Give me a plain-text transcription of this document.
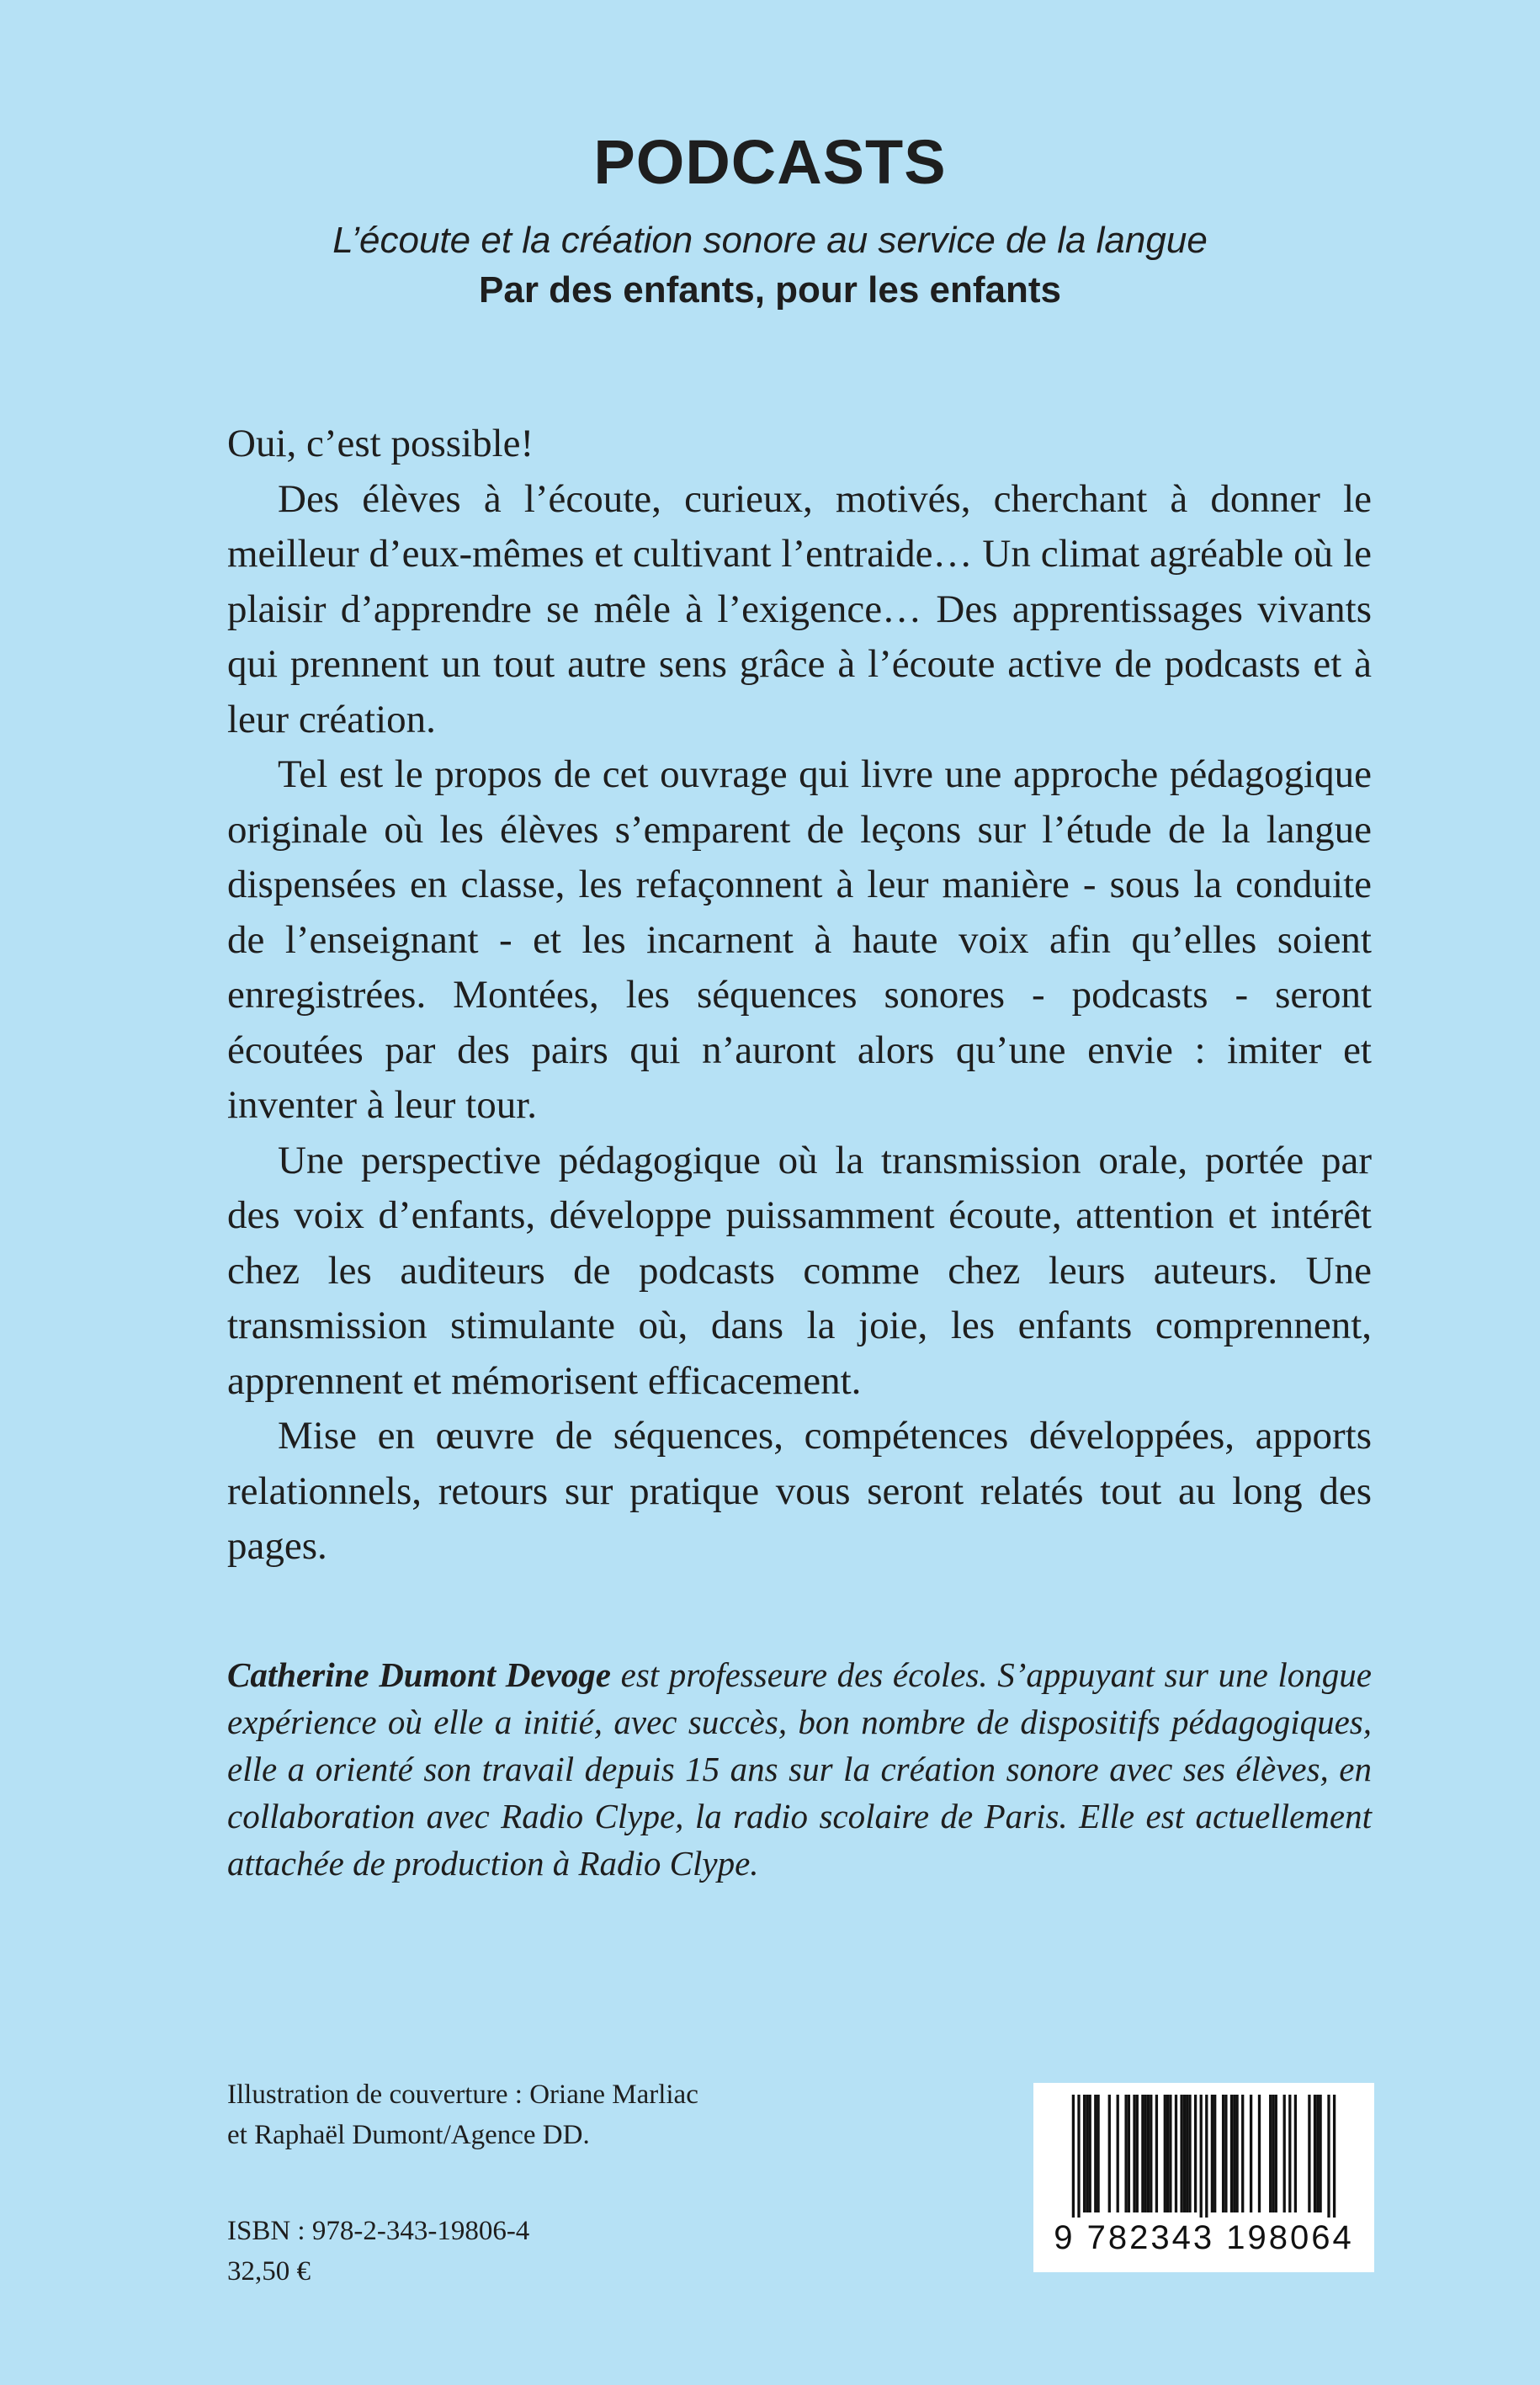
PODCASTS

L’écoute et la création sonore au service de la langue

Par des enfants, pour les enfants

Oui, c’est possible!

Des élèves à l’écoute, curieux, motivés, cherchant à donner le meilleur d’eux-mêmes et cultivant l’entraide… Un climat agréable où le plaisir d’apprendre se mêle à l’exigence… Des apprentissages vivants qui prennent un tout autre sens grâce à l’écoute active de podcasts et à leur création.

Tel est le propos de cet ouvrage qui livre une approche pédagogique originale où les élèves s’emparent de leçons sur l’étude de la langue dispensées en classe, les refaçonnent à leur manière - sous la conduite de l’enseignant - et les incarnent à haute voix afin qu’elles soient enregistrées. Montées, les séquences sonores - podcasts - seront écoutées par des pairs qui n’auront alors qu’une envie : imiter et inventer à leur tour.

Une perspective pédagogique où la transmission orale, portée par des voix d’enfants, développe puissamment écoute, attention et intérêt chez les auditeurs de podcasts comme chez leurs auteurs. Une transmission stimulante où, dans la joie, les enfants comprennent, apprennent et mémorisent efficacement.

Mise en œuvre de séquences, compétences développées, apports relationnels, retours sur pratique vous seront relatés tout au long des pages.

Catherine Dumont Devoge est professeure des écoles. S’appuyant sur une longue expérience où elle a initié, avec succès, bon nombre de dispositifs pédagogiques, elle a orienté son travail depuis 15 ans sur la création sonore avec ses élèves, en collaboration avec Radio Clype, la radio scolaire de Paris. Elle est actuellement attachée de production à Radio Clype.

Illustration de couverture : Oriane Marliac
et Raphaël Dumont/Agence DD.
ISBN : 978-2-343-19806-4
32,50 €
9 782343 198064
